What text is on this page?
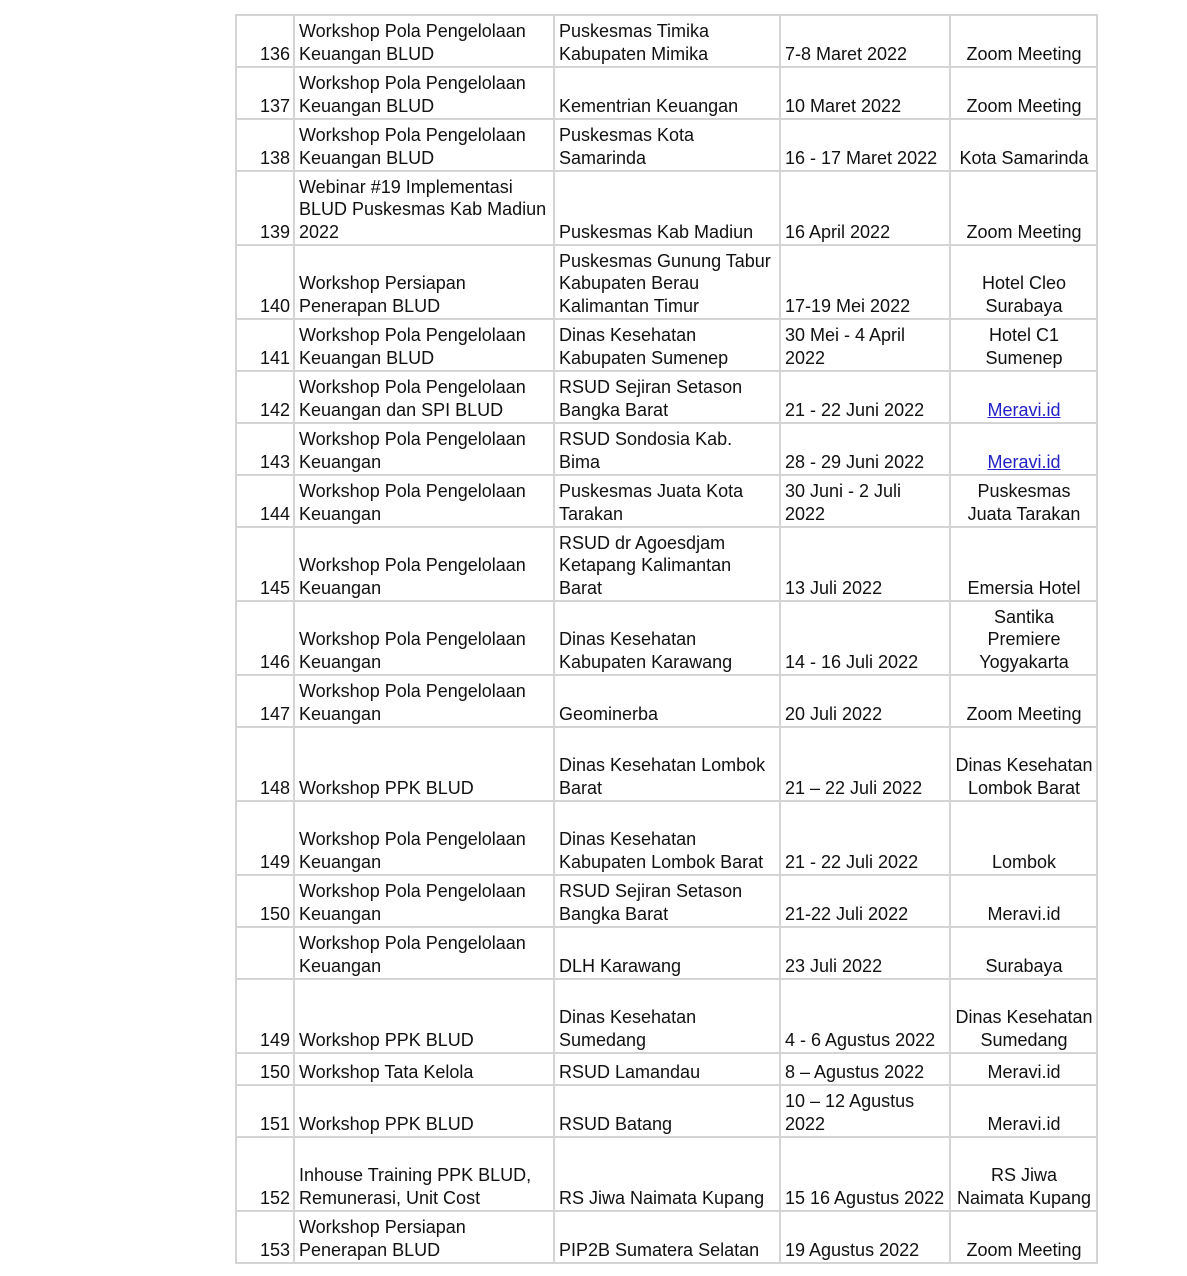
136	Workshop Pola Pengelolaan Keuangan BLUD	Puskesmas Timika Kabupaten Mimika	7-8 Maret 2022	Zoom Meeting
137	Workshop Pola Pengelolaan Keuangan BLUD	Kementrian Keuangan	10 Maret 2022	Zoom Meeting
138	Workshop Pola Pengelolaan Keuangan BLUD	Puskesmas Kota Samarinda	16 - 17 Maret 2022	Kota Samarinda
139	Webinar #19 Implementasi BLUD Puskesmas Kab Madiun 2022	Puskesmas Kab Madiun	16 April 2022	Zoom Meeting
140	Workshop Persiapan Penerapan BLUD	Puskesmas Gunung Tabur Kabupaten Berau Kalimantan Timur	17-19 Mei 2022	Hotel Cleo Surabaya
141	Workshop Pola Pengelolaan Keuangan BLUD	Dinas Kesehatan Kabupaten Sumenep	30 Mei - 4 April 2022	Hotel C1 Sumenep
142	Workshop Pola Pengelolaan Keuangan dan SPI BLUD	RSUD Sejiran Setason Bangka Barat	21 - 22 Juni 2022	Meravi.id
143	Workshop Pola Pengelolaan Keuangan	RSUD Sondosia Kab. Bima	28 - 29 Juni 2022	Meravi.id
144	Workshop Pola Pengelolaan Keuangan	Puskesmas Juata Kota Tarakan	30 Juni - 2 Juli 2022	Puskesmas Juata Tarakan
145	Workshop Pola Pengelolaan Keuangan	RSUD dr Agoesdjam Ketapang Kalimantan Barat	13 Juli 2022	Emersia Hotel
146	Workshop Pola Pengelolaan Keuangan	Dinas Kesehatan Kabupaten Karawang	14 - 16 Juli 2022	Santika Premiere Yogyakarta
147	Workshop Pola Pengelolaan Keuangan	Geominerba	20 Juli 2022	Zoom Meeting
148	Workshop PPK BLUD	Dinas Kesehatan Lombok Barat	21 – 22 Juli 2022	Dinas Kesehatan Lombok Barat
149	Workshop Pola Pengelolaan Keuangan	Dinas Kesehatan Kabupaten Lombok Barat	21 - 22 Juli 2022	Lombok
150	Workshop Pola Pengelolaan Keuangan	RSUD Sejiran Setason Bangka Barat	21-22 Juli 2022	Meravi.id
	Workshop Pola Pengelolaan Keuangan	DLH Karawang	23 Juli 2022	Surabaya
149	Workshop PPK BLUD	Dinas Kesehatan Sumedang	4 - 6 Agustus 2022	Dinas Kesehatan Sumedang
150	Workshop Tata Kelola	RSUD Lamandau	8 – Agustus 2022	Meravi.id
151	Workshop PPK BLUD	RSUD Batang	10 – 12 Agustus 2022	Meravi.id
152	Inhouse Training PPK BLUD, Remunerasi, Unit Cost	RS Jiwa Naimata Kupang	15 16 Agustus 2022	RS Jiwa Naimata Kupang
153	Workshop Persiapan Penerapan BLUD	PIP2B Sumatera Selatan	19 Agustus 2022	Zoom Meeting
